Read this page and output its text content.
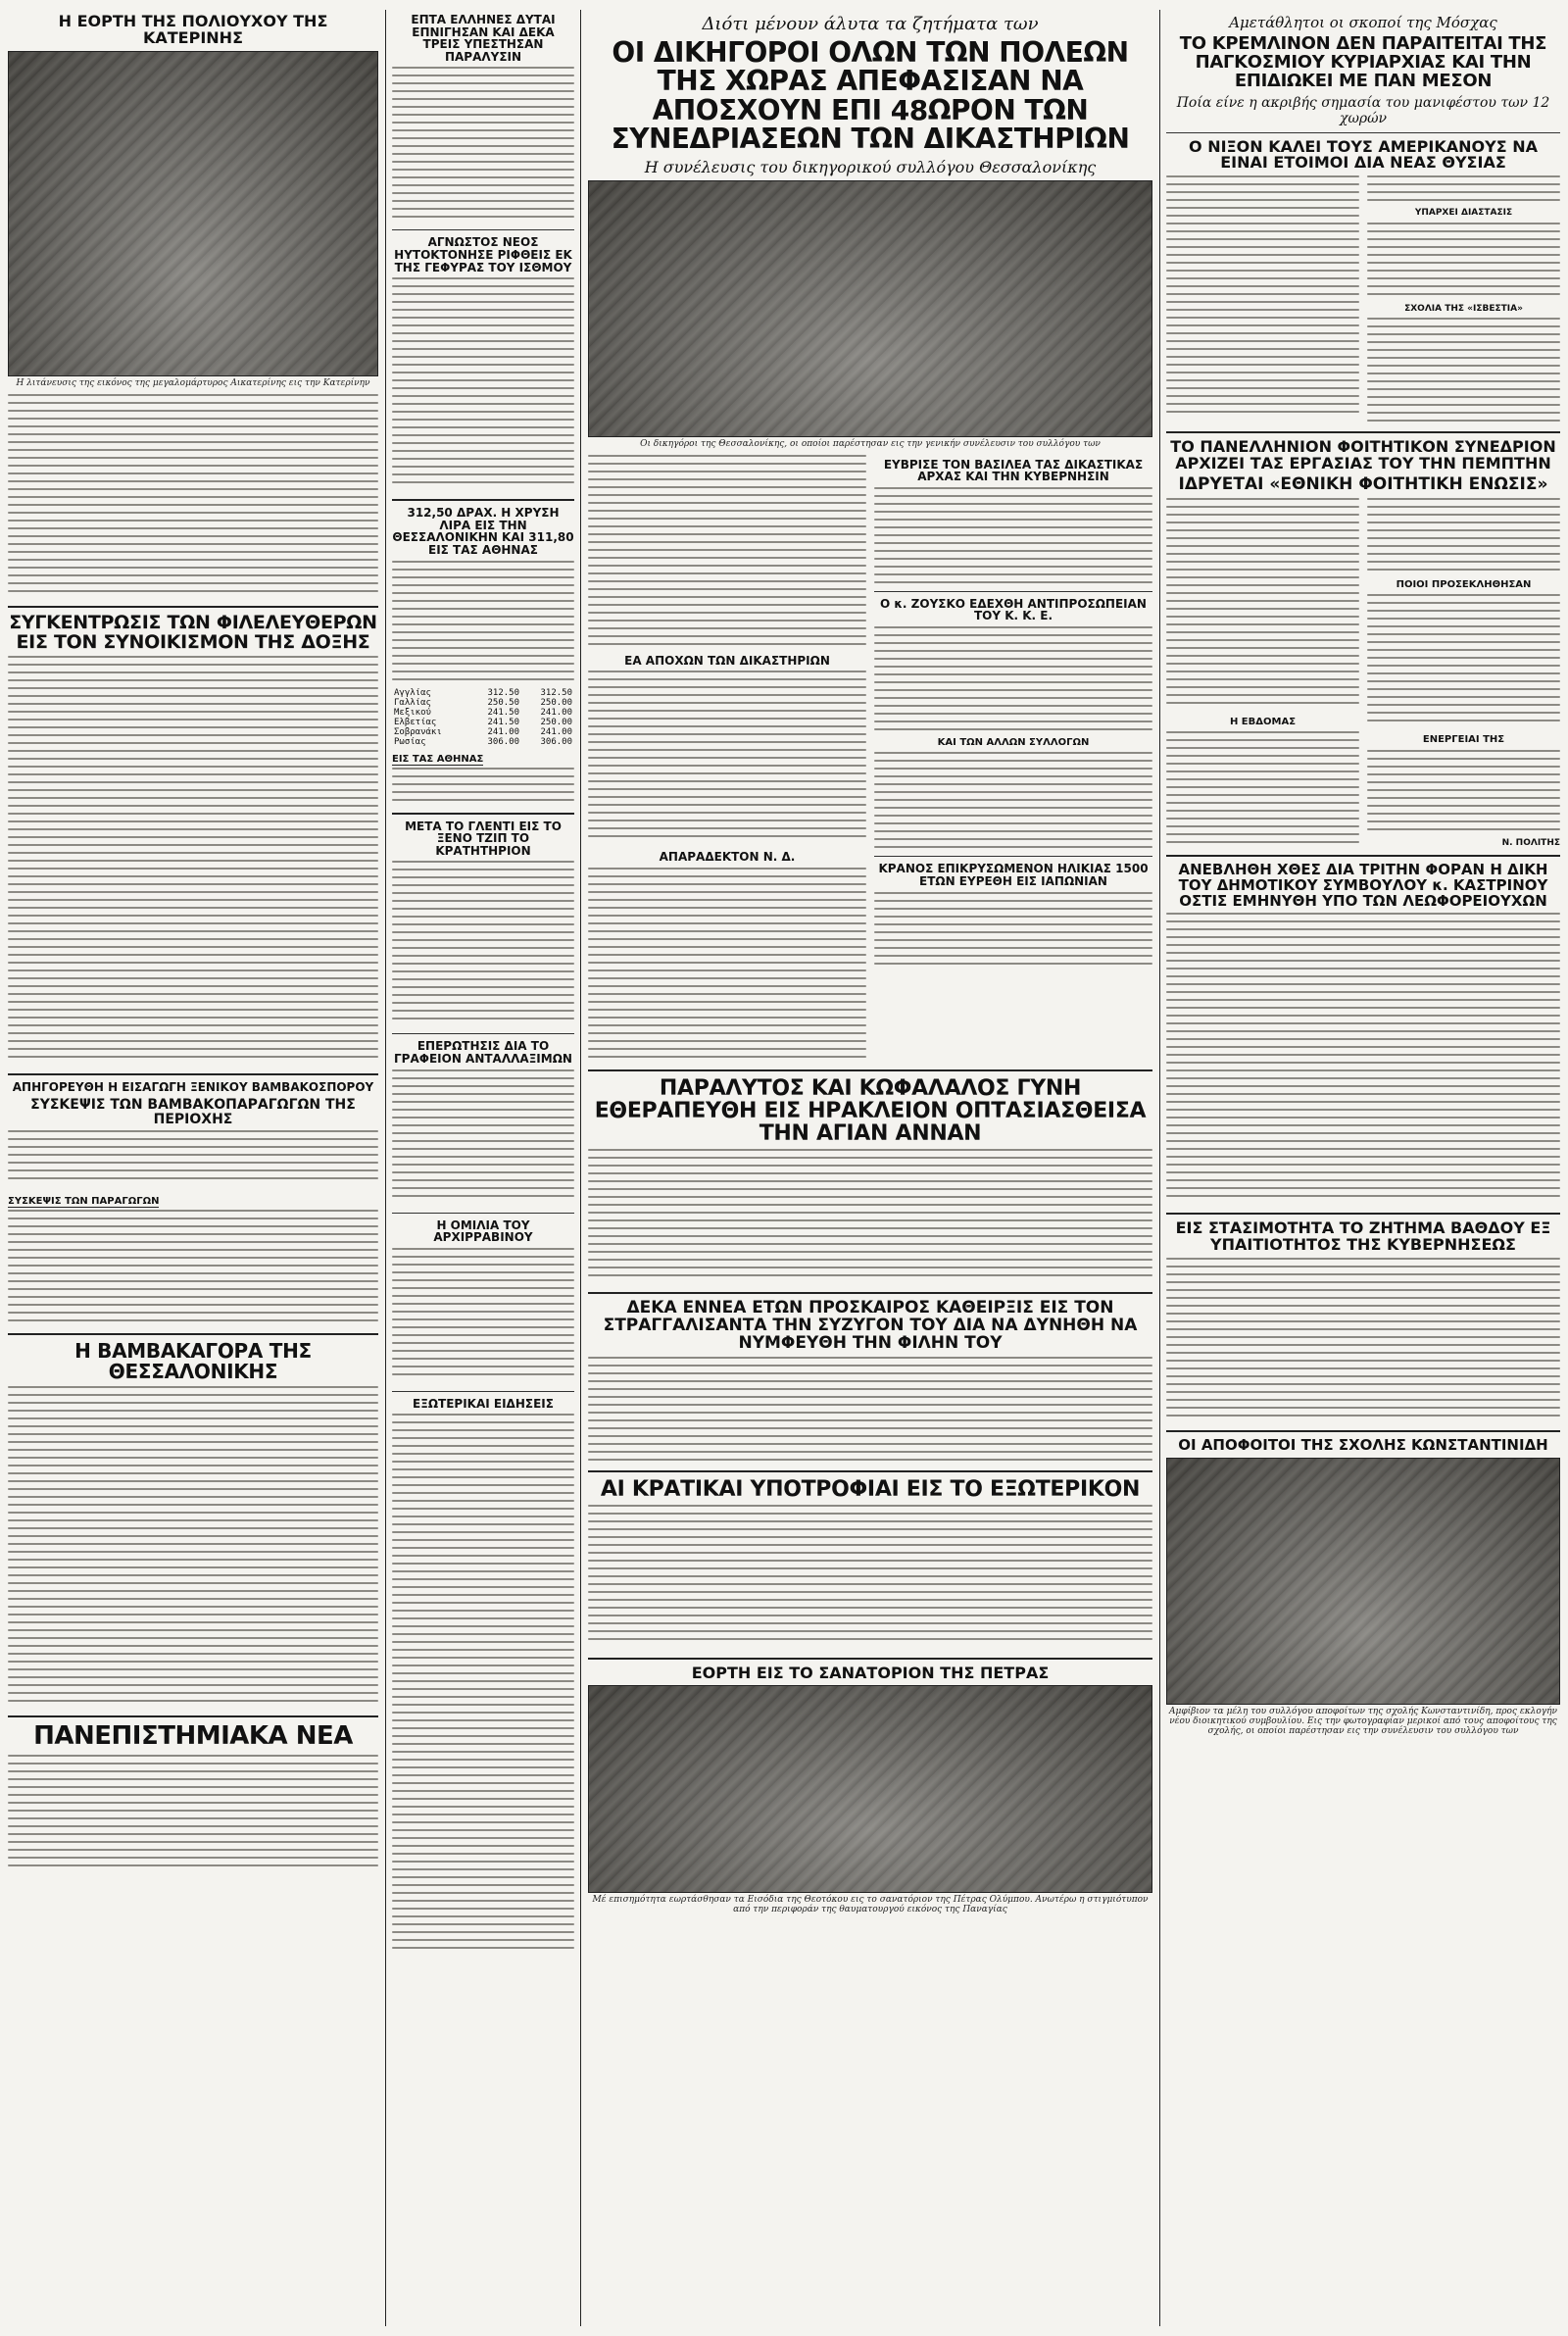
Η ΕΟΡΤΗ ΤΗΣ ΠΟΛΙΟΥΧΟΥ ΤΗΣ ΚΑΤΕΡΙΝΗΣ
Η λιτάνευσις της εικόνος της μεγαλομάρτυρος Αικατερίνης εις την Κατερίνην
ΣΥΓΚΕΝΤΡΩΣΙΣ ΤΩΝ ΦΙΛΕΛΕΥΘΕΡΩΝ ΕΙΣ ΤΟΝ ΣΥΝΟΙΚΙΣΜΟΝ ΤΗΣ ΔΟΞΗΣ
ΑΠΗΓΟΡΕΥΘΗ Η ΕΙΣΑΓΩΓΗ ΞΕΝΙΚΟΥ ΒΑΜΒΑΚΟΣΠΟΡΟΥ
ΣΥΣΚΕΨΙΣ ΤΩΝ ΒΑΜΒΑΚΟΠΑΡΑΓΩΓΩΝ ΤΗΣ ΠΕΡΙΟΧΗΣ
ΣΥΣΚΕΨΙΣ ΤΩΝ ΠΑΡΑΓΩΓΩΝ
Η ΒΑΜΒΑΚΑΓΟΡΑ ΤΗΣ ΘΕΣΣΑΛΟΝΙΚΗΣ
ΠΑΝΕΠΙΣΤΗΜΙΑΚΑ ΝΕΑ
ΕΠΤΑ ΕΛΛΗΝΕΣ ΔΥΤΑΙ ΕΠΝΙΓΗΣΑΝ ΚΑΙ ΔΕΚΑ ΤΡΕΙΣ ΥΠΕΣΤΗΣΑΝ ΠΑΡΑΛΥΣΙΝ
ΑΓΝΩΣΤΟΣ ΝΕΟΣ ΗΥΤΟΚΤΟΝΗΣΕ ΡΙΦΘΕΙΣ ΕΚ ΤΗΣ ΓΕΦΥΡΑΣ ΤΟΥ ΙΣΘΜΟΥ
312,50 ΔΡΑΧ. Η ΧΡΥΣΗ ΛΙΡΑ ΕΙΣ ΤΗΝ ΘΕΣΣΑΛΟΝΙΚΗΝ ΚΑΙ 311,80 ΕΙΣ ΤΑΣ ΑΘΗΝΑΣ
Αγγλίας	312.50	312.50
Γαλλίας	250.50	250.00
Μεξικού	241.50	241.00
Ελβετίας	241.50	250.00
Σοβρανάκι	241.00	241.00
Ρωσίας	306.00	306.00
ΕΙΣ ΤΑΣ ΑΘΗΝΑΣ
ΜΕΤΑ ΤΟ ΓΛΕΝΤΙ ΕΙΣ ΤΟ ΞΕΝΟ ΤΖΙΠ ΤΟ ΚΡΑΤΗΤΗΡΙΟΝ
ΕΠΕΡΩΤΗΣΙΣ ΔΙΑ ΤΟ ΓΡΑΦΕΙΟΝ ΑΝΤΑΛΛΑΞΙΜΩΝ
Η ΟΜΙΛΙΑ ΤΟΥ ΑΡΧΙΡΡΑΒΙΝΟΥ
ΕΞΩΤΕΡΙΚΑΙ ΕΙΔΗΣΕΙΣ
Διότι μένουν άλυτα τα ζητήματα των
ΟΙ ΔΙΚΗΓΟΡΟΙ ΟΛΩΝ ΤΩΝ ΠΟΛΕΩΝ ΤΗΣ ΧΩΡΑΣ ΑΠΕΦΑΣΙΣΑΝ ΝΑ ΑΠΟΣΧΟΥΝ ΕΠΙ 48ΩΡΟΝ ΤΩΝ ΣΥΝΕΔΡΙΑΣΕΩΝ ΤΩΝ ΔΙΚΑΣΤΗΡΙΩΝ
Η συνέλευσις του δικηγορικού συλλόγου Θεσσαλονίκης
Οι δικηγόροι της Θεσσαλονίκης, οι οποίοι παρέστησαν εις την γενικήν συνέλευσιν του συλλόγου των
ΕΑ ΑΠΟΧΩΝ ΤΩΝ ΔΙΚΑΣΤΗΡΙΩΝ
ΑΠΑΡΑΔΕΚΤΟΝ Ν. Δ.
ΕΥΒΡΙΣΕ ΤΟΝ ΒΑΣΙΛΕΑ ΤΑΣ ΔΙΚΑΣΤΙΚΑΣ ΑΡΧΑΣ ΚΑΙ ΤΗΝ ΚΥΒΕΡΝΗΣΙΝ
Ο κ. ΖΟΥΣΚΟ ΕΔΕΧΘΗ ΑΝΤΙΠΡΟΣΩΠΕΙΑΝ ΤΟΥ Κ. Κ. Ε.
ΚΑΙ ΤΩΝ ΑΛΛΩΝ ΣΥΛΛΟΓΩΝ
ΚΡΑΝΟΣ ΕΠΙΚΡΥΣΩΜΕΝΟΝ ΗΛΙΚΙΑΣ 1500 ΕΤΩΝ ΕΥΡΕΘΗ ΕΙΣ ΙΑΠΩΝΙΑΝ
ΠΑΡΑΛΥΤΟΣ ΚΑΙ ΚΩΦΑΛΑΛΟΣ ΓΥΝΗ ΕΘΕΡΑΠΕΥΘΗ ΕΙΣ ΗΡΑΚΛΕΙΟΝ ΟΠΤΑΣΙΑΣΘΕΙΣΑ ΤΗΝ ΑΓΙΑΝ ΑΝΝΑΝ
ΔΕΚΑ ΕΝΝΕΑ ΕΤΩΝ ΠΡΟΣΚΑΙΡΟΣ ΚΑΘΕΙΡΞΙΣ ΕΙΣ ΤΟΝ ΣΤΡΑΓΓΑΛΙΣΑΝΤΑ ΤΗΝ ΣΥΖΥΓΟΝ ΤΟΥ ΔΙΑ ΝΑ ΔΥΝΗΘΗ ΝΑ ΝΥΜΦΕΥΘΗ ΤΗΝ ΦΙΛΗΝ ΤΟΥ
ΑΙ ΚΡΑΤΙΚΑΙ ΥΠΟΤΡΟΦΙΑΙ ΕΙΣ ΤΟ ΕΞΩΤΕΡΙΚΟΝ
ΕΟΡΤΗ ΕΙΣ ΤΟ ΣΑΝΑΤΟΡΙΟΝ ΤΗΣ ΠΕΤΡΑΣ
Μέ επισημότητα εωρτάσθησαν τα Εισόδια της Θεοτόκου εις το σανατόριον της Πέτρας Ολύμπου. Ανωτέρω η στιγμιότυπον από την περιφοράν της θαυματουργού εικόνος της Παναγίας
Αμετάθλητοι οι σκοποί της Μόσχας
ΤΟ ΚΡΕΜΛΙΝΟΝ ΔΕΝ ΠΑΡΑΙΤΕΙΤΑΙ ΤΗΣ ΠΑΓΚΟΣΜΙΟΥ ΚΥΡΙΑΡΧΙΑΣ ΚΑΙ ΤΗΝ ΕΠΙΔΙΩΚΕΙ ΜΕ ΠΑΝ ΜΕΣΟΝ
Ποία είνε η ακριβής σημασία του μανιφέστου των 12 χωρών
Ο ΝΙΞΟΝ ΚΑΛΕΙ ΤΟΥΣ ΑΜΕΡΙΚΑΝΟΥΣ ΝΑ ΕΙΝΑΙ ΕΤΟΙΜΟΙ ΔΙΑ ΝΕΑΣ ΘΥΣΙΑΣ
ΥΠΑΡΧΕΙ ΔΙΑΣΤΑΣΙΣ
ΣΧΟΛΙΑ ΤΗΣ «ΙΣΒΕΣΤΙΑ»
ΤΟ ΠΑΝΕΛΛΗΝΙΟΝ ΦΟΙΤΗΤΙΚΟΝ ΣΥΝΕΔΡΙΟΝ ΑΡΧΙΖΕΙ ΤΑΣ ΕΡΓΑΣΙΑΣ ΤΟΥ ΤΗΝ ΠΕΜΠΤΗΝ
ΙΔΡΥΕΤΑΙ «ΕΘΝΙΚΗ ΦΟΙΤΗΤΙΚΗ ΕΝΩΣΙΣ»
Η ΕΒΔΟΜΑΣ
ΠΟΙΟΙ ΠΡΟΣΕΚΛΗΘΗΣΑΝ
ΕΝΕΡΓΕΙΑΙ ΤΗΣ
Ν. ΠΟΛΙΤΗΣ
ΑΝΕΒΛΗΘΗ ΧΘΕΣ ΔΙΑ ΤΡΙΤΗΝ ΦΟΡΑΝ Η ΔΙΚΗ ΤΟΥ ΔΗΜΟΤΙΚΟΥ ΣΥΜΒΟΥΛΟΥ κ. ΚΑΣΤΡΙΝΟΥ ΟΣΤΙΣ ΕΜΗΝΥΘΗ ΥΠΟ ΤΩΝ ΛΕΩΦΟΡΕΙΟΥΧΩΝ
ΕΙΣ ΣΤΑΣΙΜΟΤΗΤΑ ΤΟ ΖΗΤΗΜΑ ΒΑΘΔΟΥ ΕΞ ΥΠΑΙΤΙΟΤΗΤΟΣ ΤΗΣ ΚΥΒΕΡΝΗΣΕΩΣ
ΟΙ ΑΠΟΦΟΙΤΟΙ ΤΗΣ ΣΧΟΛΗΣ ΚΩΝΣΤΑΝΤΙΝΙΔΗ
Αμφίβιον τα μέλη του συλλόγου αποφοίτων της σχολής Κωνσταντινίδη, προς εκλογήν νέου διοικητικού συμβουλίου. Εις την φωτογραφίαν μερικοί από τους αποφοίτους της σχολής, οι οποίοι παρέστησαν εις την συνέλευσιν του συλλόγου των
